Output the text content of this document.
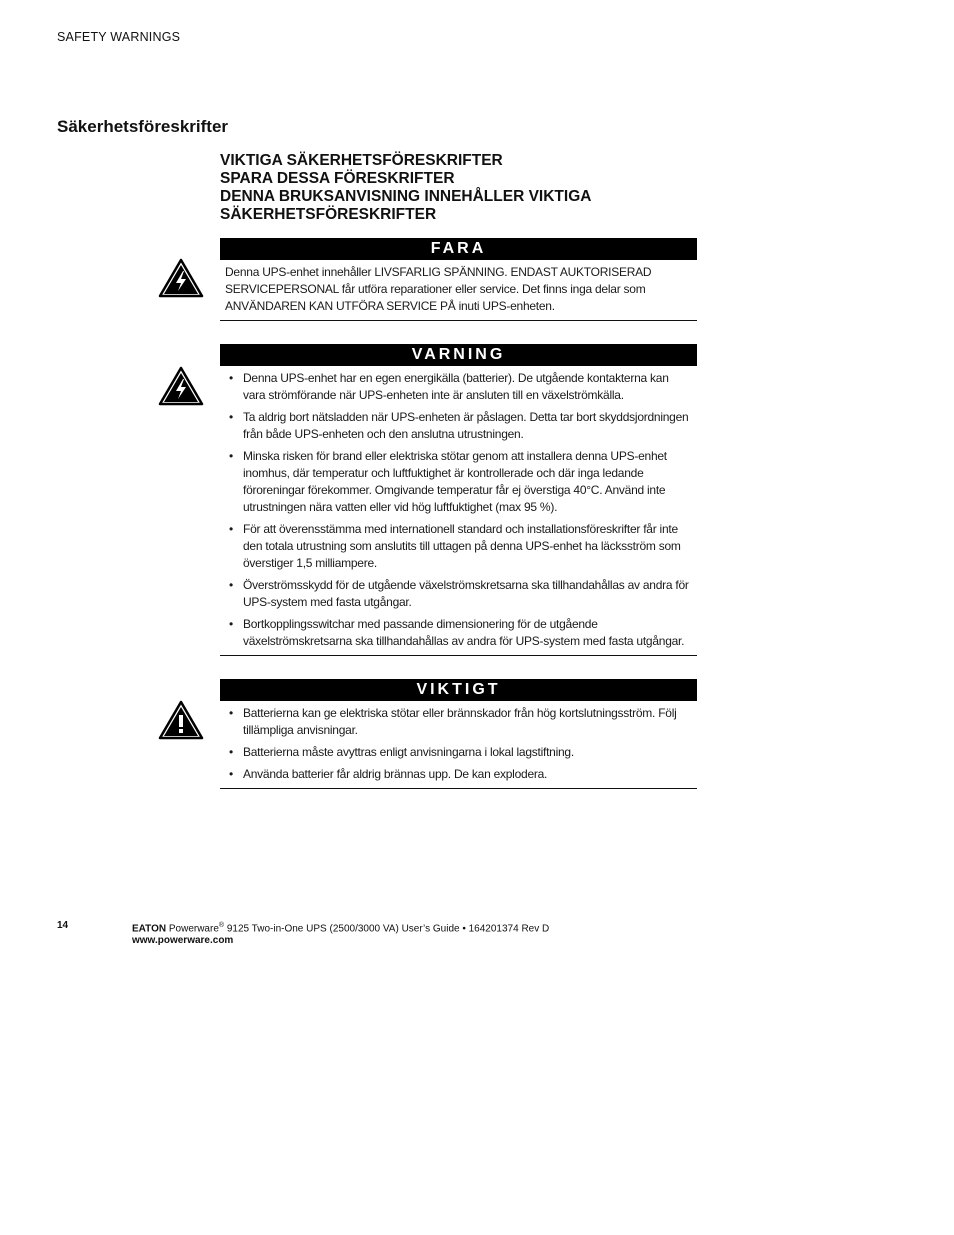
SAFETY WARNINGS
Säkerhetsföreskrifter
VIKTIGA SÄKERHETSFÖRESKRIFTER
SPARA DESSA FÖRESKRIFTER
DENNA BRUKSANVISNING INNEHÅLLER VIKTIGA
SÄKERHETSFÖRESKRIFTER
FARA
Denna UPS-enhet innehåller LIVSFARLIG SPÄNNING. ENDAST AUKTORISERAD SERVICEPERSONAL får utföra reparationer eller service. Det finns inga delar som ANVÄNDAREN KAN UTFÖRA SERVICE PÅ inuti UPS-enheten.
VARNING
• Denna UPS-enhet har en egen energikälla (batterier). De utgående kontakterna kan vara strömförande när UPS-enheten inte är ansluten till en växelströmkälla.
• Ta aldrig bort nätsladden när UPS-enheten är påslagen. Detta tar bort skyddsjordningen från både UPS-enheten och den anslutna utrustningen.
• Minska risken för brand eller elektriska stötar genom att installera denna UPS-enhet inomhus, där temperatur och luftfuktighet är kontrollerade och där inga ledande föroreningar förekommer. Omgivande temperatur får ej överstiga 40°C. Använd inte utrustningen nära vatten eller vid hög luftfuktighet (max 95 %).
• För att överensstämma med internationell standard och installationsföreskrifter får inte den totala utrustning som anslutits till uttagen på denna UPS-enhet ha läcksström som överstiger 1,5 milliampere.
• Överströmsskydd för de utgående växelströmskretsarna ska tillhandahållas av andra för UPS-system med fasta utgångar.
• Bortkopplingsswitchar med passande dimensionering för de utgående växelströmskretsarna ska tillhandahållas av andra för UPS-system med fasta utgångar.
VIKTIGT
• Batterierna kan ge elektriska stötar eller brännskador från hög kortslutningsström. Följ tillämpliga anvisningar.
• Batterierna måste avyttras enligt anvisningarna i lokal lagstiftning.
• Använda batterier får aldrig brännas upp. De kan explodera.
14	EATON Powerware® 9125 Two-in-One UPS (2500/3000 VA) User’s Guide • 164201374 Rev D
www.powerware.com
